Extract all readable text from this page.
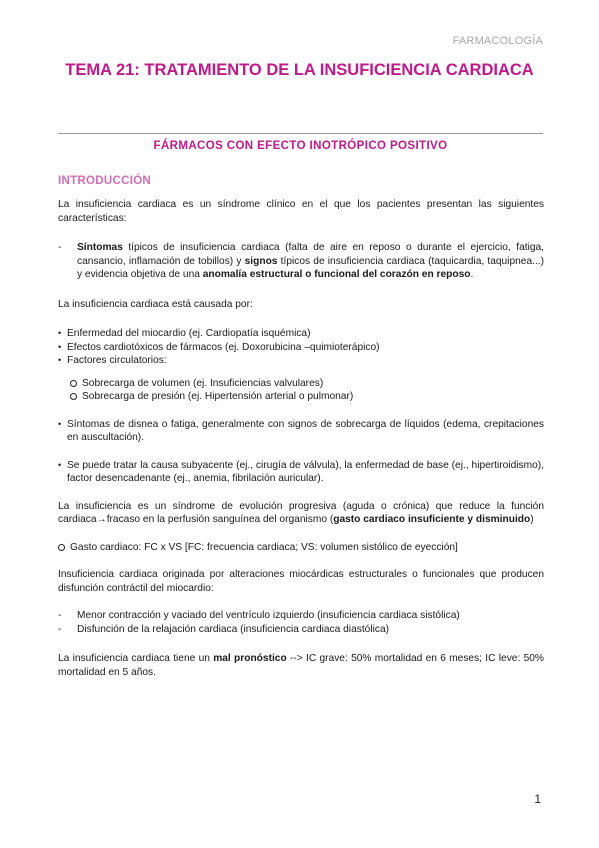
FARMACOLOGÍA
TEMA 21: TRATAMIENTO DE LA INSUFICIENCIA CARDIACA
FÁRMACOS CON EFECTO INOTRÓPICO POSITIVO
INTRODUCCIÓN

La insuficiencia cardiaca es un síndrome clínico en el que los pacientes presentan las siguientes características:

-	Síntomas típicos de insuficiencia cardiaca (falta de aire en reposo o durante el ejercicio, fatiga, cansancio, inflamación de tobillos) y signos típicos de insuficiencia cardiaca (taquicardia, taquipnea...) y evidencia objetiva de una anomalía estructural o funcional del corazón en reposo.

La insuficiencia cardiaca está causada por:

• Enfermedad del miocardio (ej. Cardiopatía isquémica)
• Efectos cardiotóxicos de fármacos (ej. Doxorubicina –quimioterápico)
• Factores circulatorios:
Sobrecarga de volumen (ej. Insuficiencias valvulares)
Sobrecarga de presión (ej. Hipertensión arterial o pulmonar)
• Síntomas de disnea o fatiga, generalmente con signos de sobrecarga de líquidos (edema, crepitaciones en auscultación).
• Se puede tratar la causa subyacente (ej., cirugía de válvula), la enfermedad de base (ej., hipertiroidismo), factor desencadenante (ej., anemia, fibrilación auricular).

La insuficiencia es un síndrome de evolución progresiva (aguda o crónica) que reduce la función cardiaca→fracaso en la perfusión sanguínea del organismo (gasto cardiaco insuficiente y disminuido)

Gasto cardiaco: FC x VS [FC: frecuencia cardiaca; VS: volumen sistólico de eyección]

Insuficiencia cardiaca originada por alteraciones miocárdicas estructurales o funcionales que producen disfunción contráctil del miocardio:

-	Menor contracción y vaciado del ventrículo izquierdo (insuficiencia cardiaca sistólica)
-	Disfunción de la relajación cardiaca (insuficiencia cardiaca diastólica)

La insuficiencia cardiaca tiene un mal pronóstico --> IC grave: 50% mortalidad en 6 meses; IC leve: 50% mortalidad en 5 años.

1
